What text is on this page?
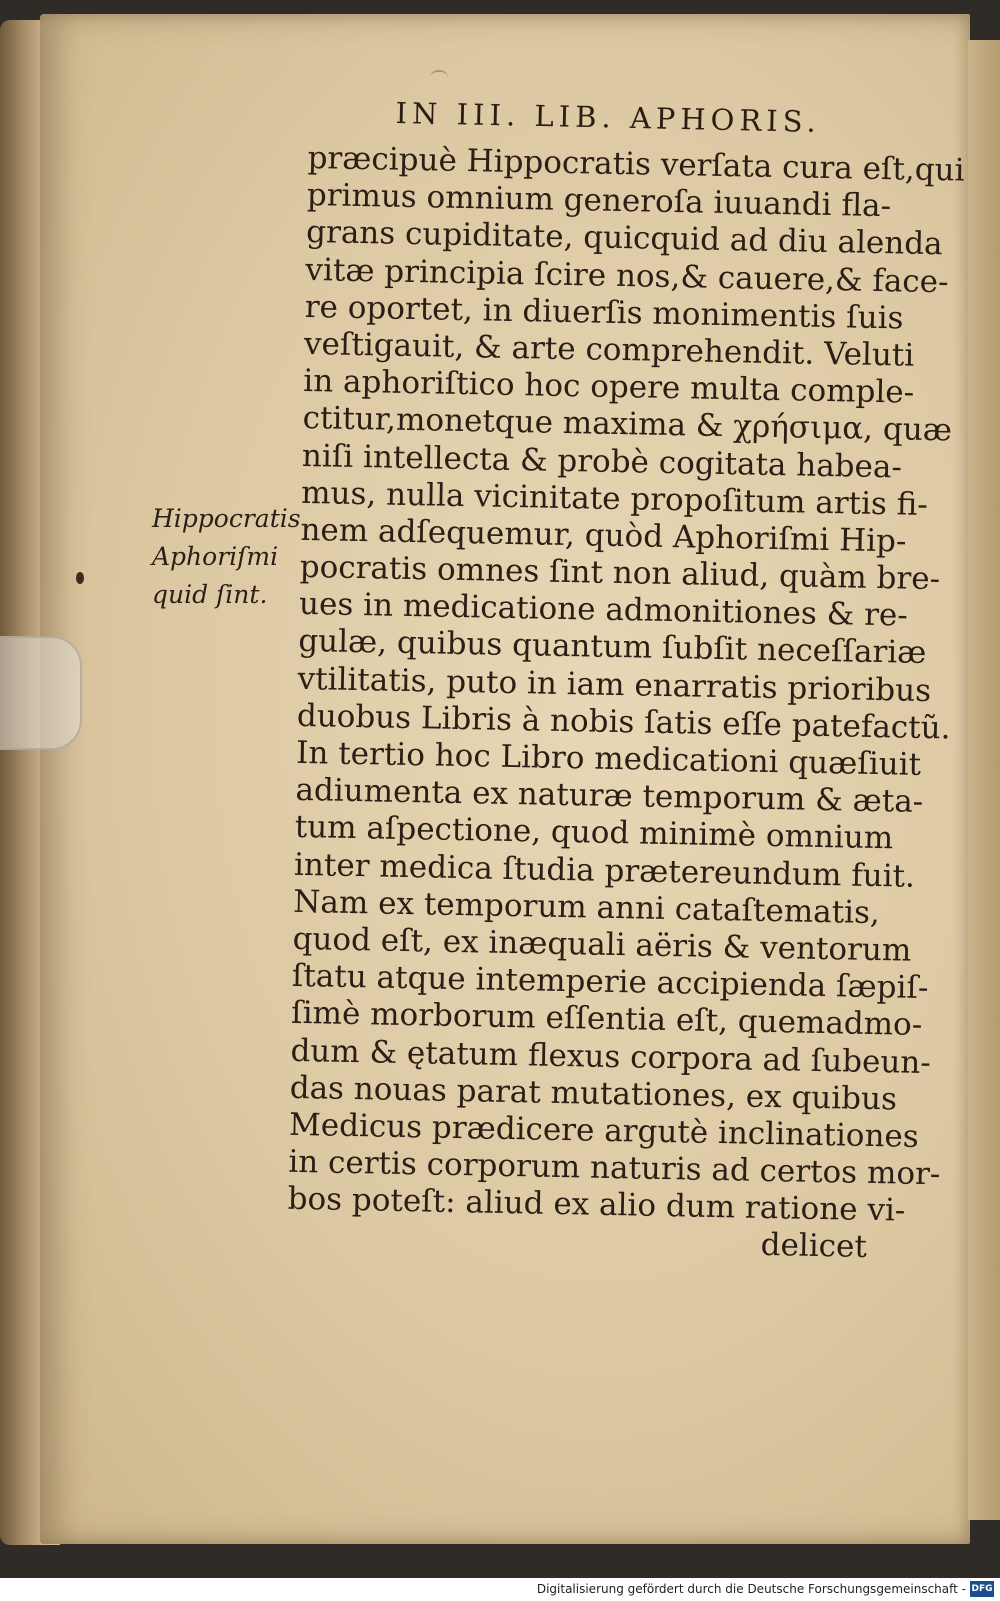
IN III. LIB. APHORIS.
Hippocratis
Aphoriſmi
quid ſint.
præcipuè Hippocratis verſata cura eſt,qui
primus omnium generoſa iuuandi fla-
grans cupiditate, quicquid ad diu alenda
vitæ principia ſcire nos,& cauere,& face-
re oportet, in diuerſis monimentis ſuis
veſtigauit, & arte comprehendit. Veluti
in aphoriſtico hoc opere multa comple-
ctitur,monetque maxima & χρήσιμα, quæ
niſi intellecta & probè cogitata habea-
mus, nulla vicinitate propoſitum artis fi-
nem adſequemur, quòd Aphoriſmi Hip-
pocratis omnes ſint non aliud, quàm bre-
ues in medicatione admonitiones & re-
gulæ, quibus quantum ſubſit neceſſariæ
vtilitatis, puto in iam enarratis prioribus
duobus Libris à nobis ſatis eſſe patefactũ.
In tertio hoc Libro medicationi quæſiuit
adiumenta ex naturæ temporum & æta-
tum aſpectione, quod minimè omnium
inter medica ſtudia prætereundum fuit.
Nam ex temporum anni cataſtematis,
quod eſt, ex inæquali aëris & ventorum
ſtatu atque intemperie accipienda ſæpiſ-
ſimè morborum eſſentia eſt, quemadmo-
dum & ętatum flexus corpora ad ſubeun-
das nouas parat mutationes, ex quibus
Medicus prædicere argutè inclinationes
in certis corporum naturis ad certos mor-
bos poteſt: aliud ex alio dum ratione vi-
delicet
Digitalisierung gefördert durch die Deutsche Forschungsgemeinschaft - DFG
